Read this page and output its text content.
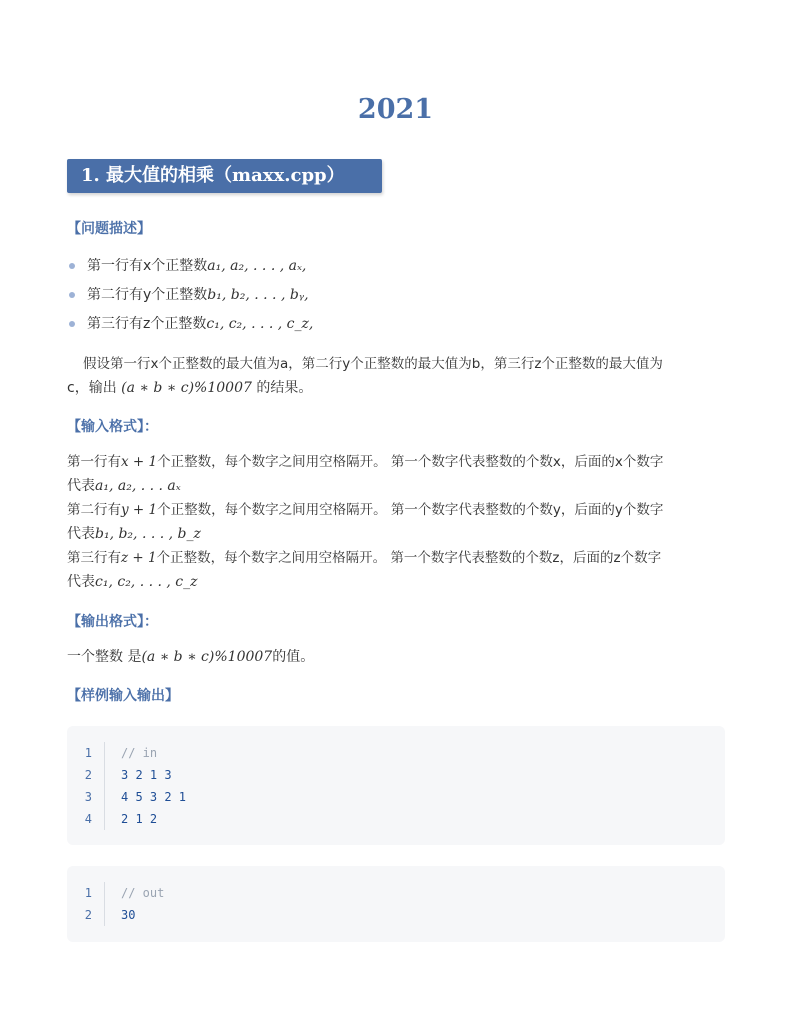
2021
1. 最大值的相乘（maxx.cpp）
【问题描述】
第一行有x个正整数a₁, a₂, . . . , aₓ,
第二行有y个正整数b₁, b₂, . . . , bᵧ,
第三行有z个正整数c₁, c₂, . . . , c_z,
假设第一行x个正整数的最大值为a，第二行y个正整数的最大值为b，第三行z个正整数的最大值为
c，输出 (a ∗ b ∗ c)%10007 的结果。
【输入格式】：
第一行有x + 1个正整数，每个数字之间用空格隔开。 第一个数字代表整数的个数x，后面的x个数字
代表a₁, a₂, . . . aₓ
第二行有y + 1个正整数，每个数字之间用空格隔开。 第一个数字代表整数的个数y，后面的y个数字
代表b₁, b₂, . . . , b_z
第三行有z + 1个正整数，每个数字之间用空格隔开。 第一个数字代表整数的个数z，后面的z个数字
代表c₁, c₂, . . . , c_z
【输出格式】：
一个整数 是(a ∗ b ∗ c)%10007的值。
【样例输入输出】
1 // in
2 3 2 1 3
3 4 5 3 2 1
4 2 1 2
1 // out
2 30
